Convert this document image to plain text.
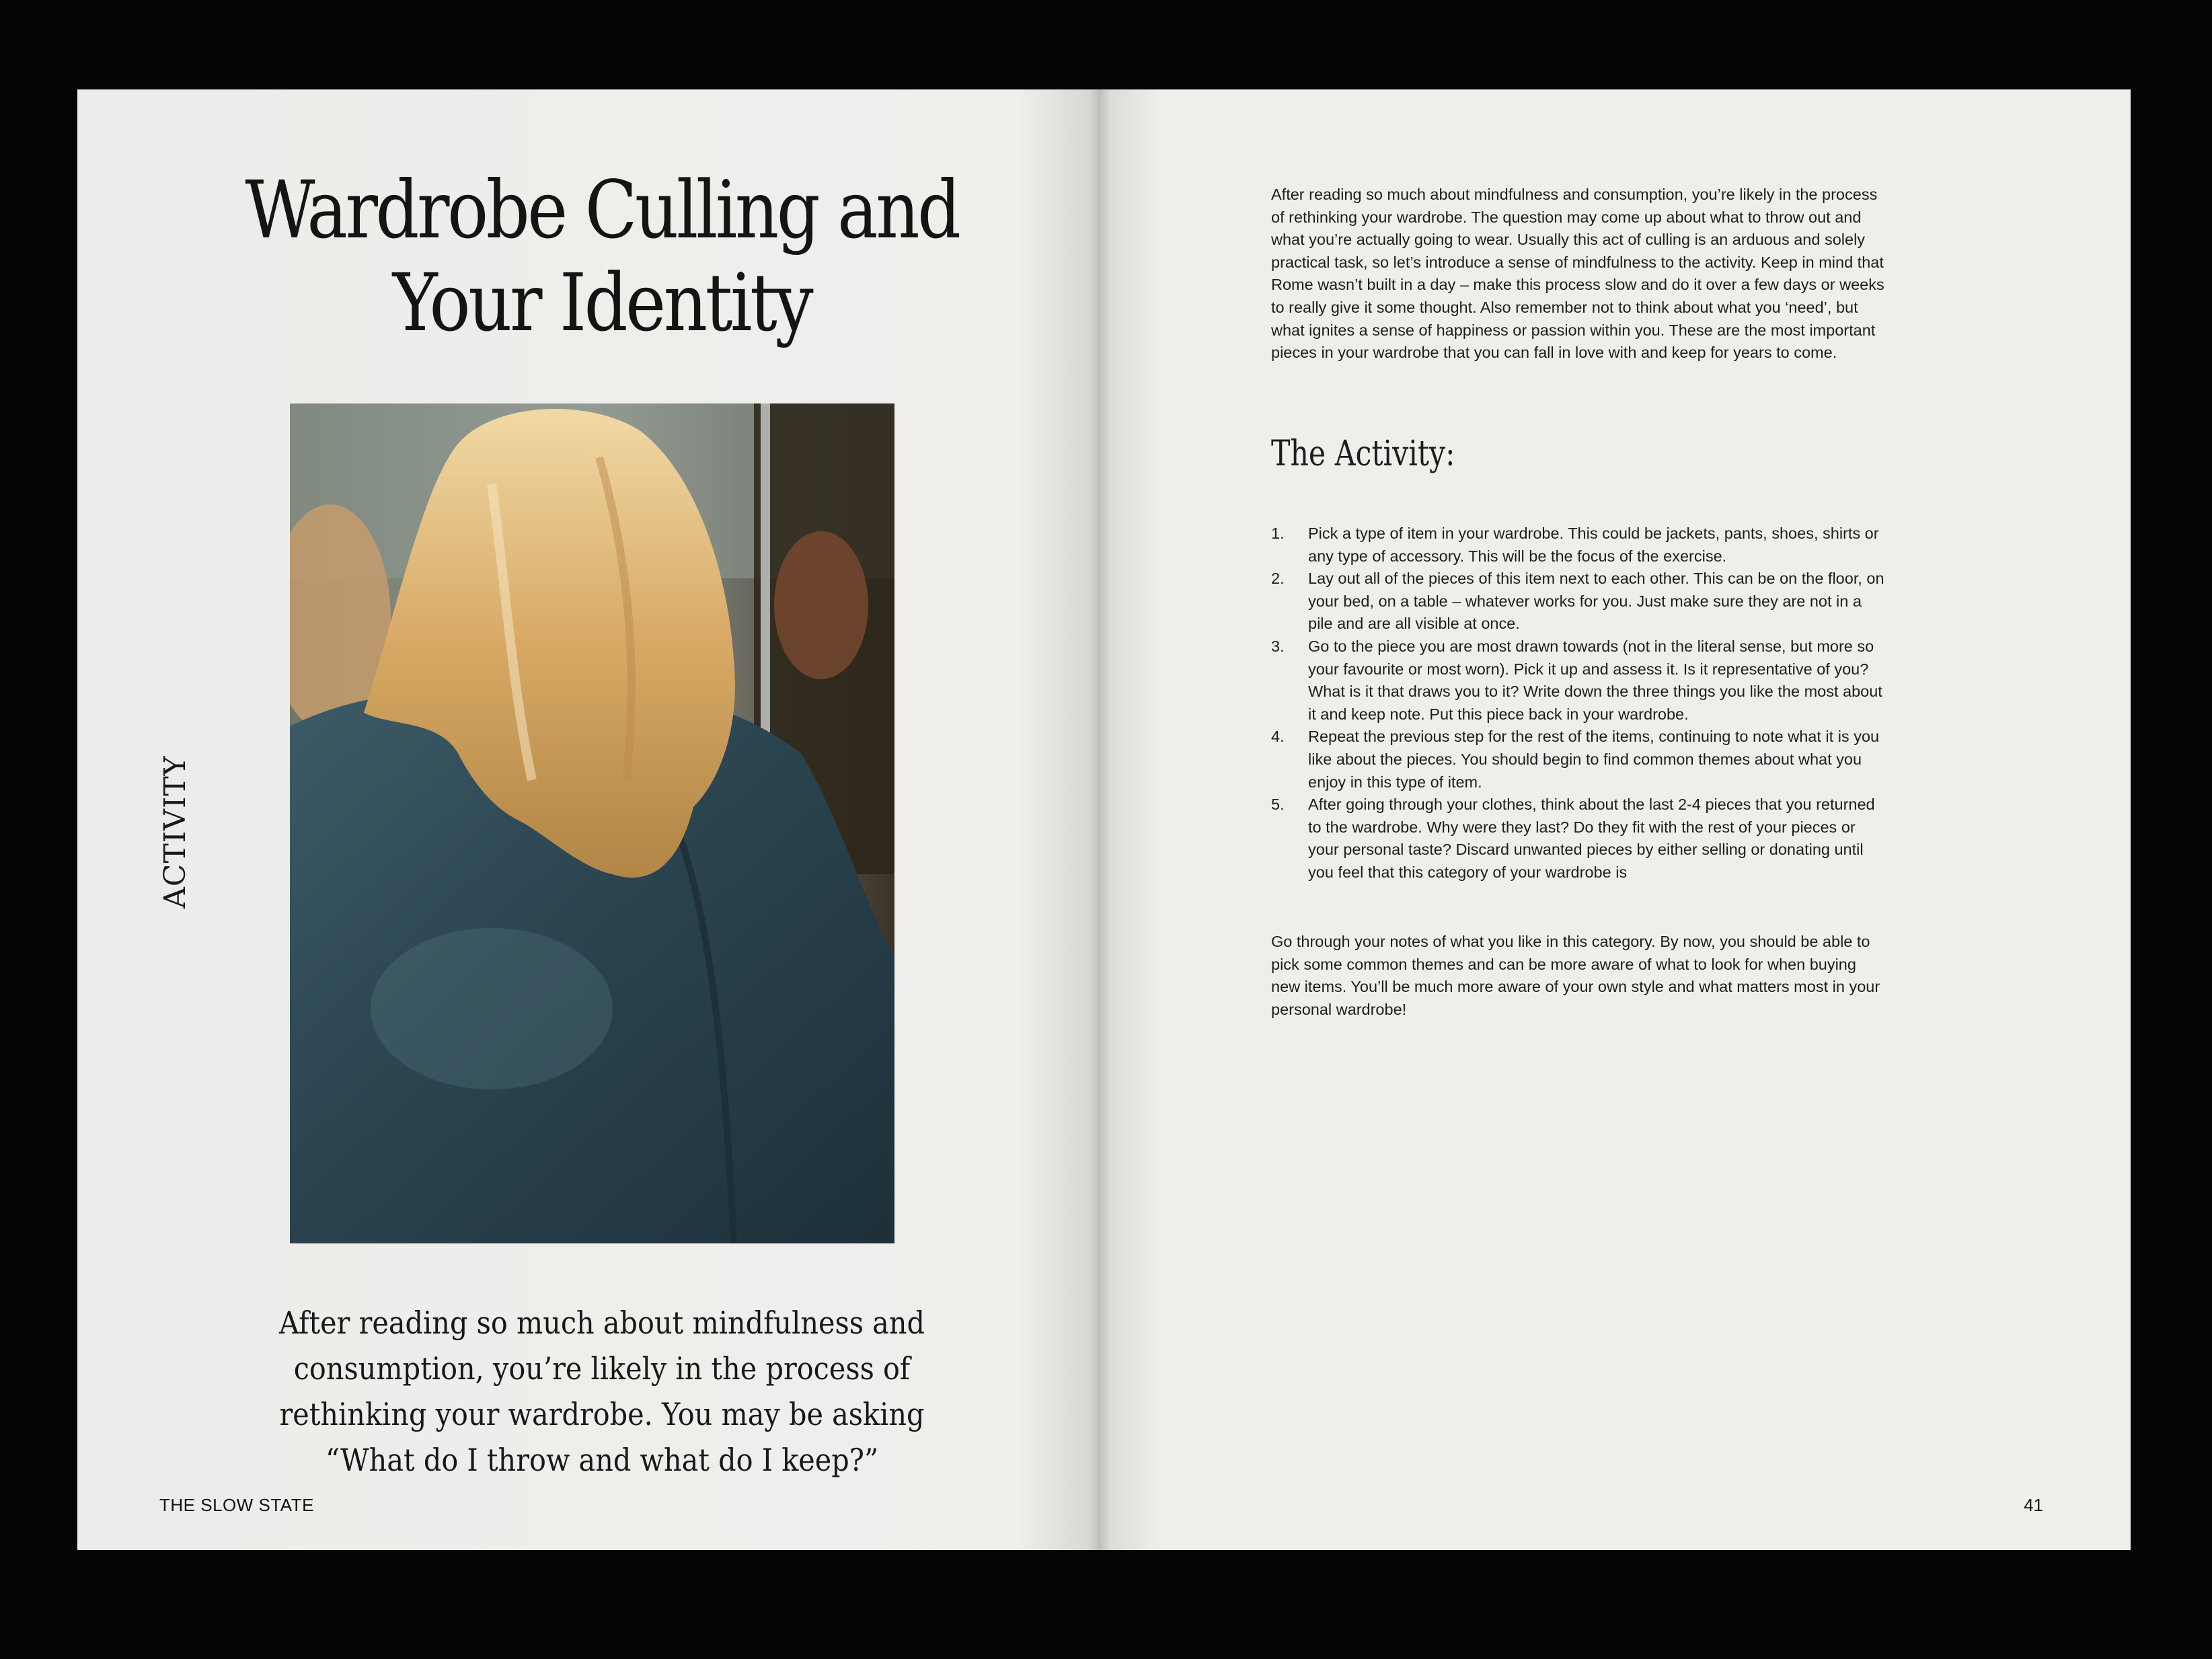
Wardrobe Culling and Your Identity
ACTIVITY

After reading so much about mindfulness and consumption, you’re likely in the process of rethinking your wardrobe. You may be asking “What do I throw and what do I keep?”

THE SLOW STATE

After reading so much about mindfulness and consumption, you’re likely in the process of rethinking your wardrobe. The question may come up about what to throw out and what you’re actually going to wear. Usually this act of culling is an arduous and solely practical task, so let’s introduce a sense of mindfulness to the activity. Keep in mind that Rome wasn’t built in a day – make this process slow and do it over a few days or weeks to really give it some thought. Also remember not to think about what you ‘need’, but what ignites a sense of happiness or passion within you. These are the most important pieces in your wardrobe that you can fall in love with and keep for years to come.

The Activity:
1. Pick a type of item in your wardrobe. This could be jackets, pants, shoes, shirts or any type of accessory. This will be the focus of the exercise.
2. Lay out all of the pieces of this item next to each other. This can be on the floor, on your bed, on a table – whatever works for you. Just make sure they are not in a pile and are all visible at once.
3. Go to the piece you are most drawn towards (not in the literal sense, but more so your favourite or most worn). Pick it up and assess it. Is it representative of you? What is it that draws you to it? Write down the three things you like the most about it and keep note. Put this piece back in your wardrobe.
4. Repeat the previous step for the rest of the items, continuing to note what it is you like about the pieces. You should begin to find common themes about what you enjoy in this type of item.
5. After going through your clothes, think about the last 2-4 pieces that you returned to the wardrobe. Why were they last? Do they fit with the rest of your pieces or your personal taste? Discard unwanted pieces by either selling or donating until you feel that this category of your wardrobe is

Go through your notes of what you like in this category. By now, you should be able to pick some common themes and can be more aware of what to look for when buying new items. You’ll be much more aware of your own style and what matters most in your personal wardrobe!

41
